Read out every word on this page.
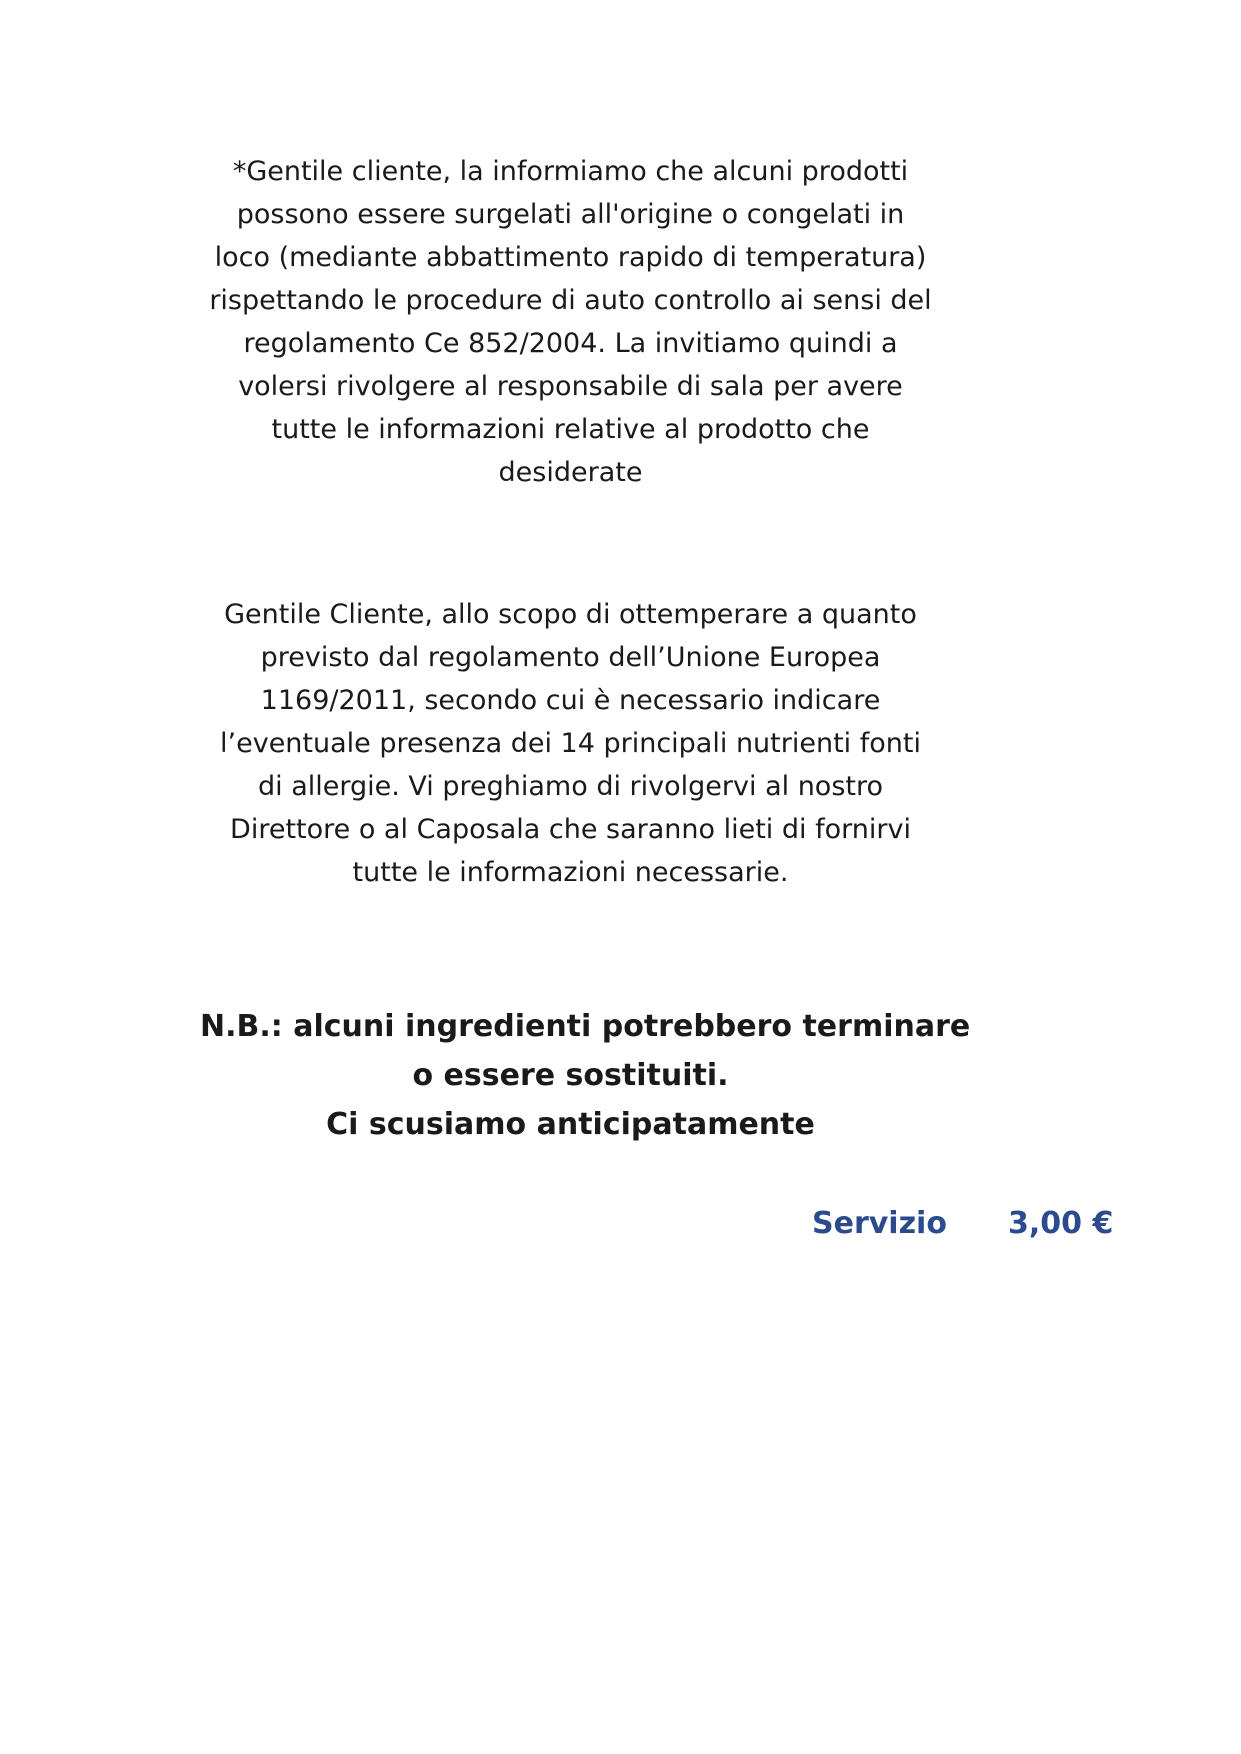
*Gentile cliente, la informiamo che alcuni prodotti
possono essere surgelati all'origine o congelati in
loco (mediante abbattimento rapido di temperatura)
rispettando le procedure di auto controllo ai sensi del
regolamento Ce 852/2004. La invitiamo quindi a
volersi rivolgere al responsabile di sala per avere
tutte le informazioni relative al prodotto che
desiderate

Gentile Cliente, allo scopo di ottemperare a quanto
previsto dal regolamento dell’Unione Europea
1169/2011, secondo cui è necessario indicare
l’eventuale presenza dei 14 principali nutrienti fonti
di allergie. Vi preghiamo di rivolgervi al nostro
Direttore o al Caposala che saranno lieti di fornirvi
tutte le informazioni necessarie.

N.B.: alcuni ingredienti potrebbero terminare
o essere sostituiti.
Ci scusiamo anticipatamente

Servizio 3,00 €
